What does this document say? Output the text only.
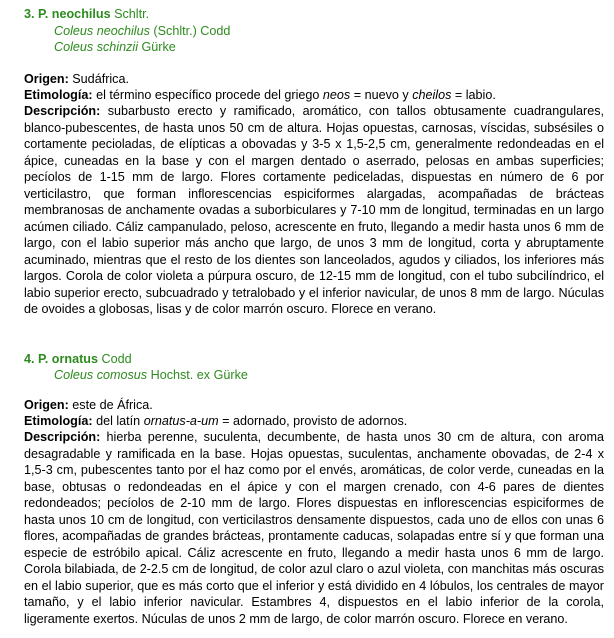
3. P. neochilus Schltr.
Coleus neochilus (Schltr.) Codd
Coleus schinzii Gürke
Origen: Sudáfrica.
Etimología: el término específico procede del griego neos = nuevo y cheilos = labio.
Descripción: subarbusto erecto y ramificado, aromático, con tallos obtusamente cuadrangulares, blanco-pubescentes, de hasta unos 50 cm de altura. Hojas opuestas, carnosas, víscidas, subsésiles o cortamente pecioladas, de elípticas a obovadas y 3-5 x 1,5-2,5 cm, generalmente redondeadas en el ápice, cuneadas en la base y con el margen dentado o aserrado, pelosas en ambas superficies; pecíolos de 1-15 mm de largo. Flores cortamente pediceladas, dispuestas en número de 6 por verticilastro, que forman inflorescencias espiciformes alargadas, acompañadas de brácteas membranosas de anchamente ovadas a suborbiculares y 7-10 mm de longitud, terminadas en un largo acúmen ciliado. Cáliz campanulado, peloso, acrescente en fruto, llegando a medir hasta unos 6 mm de largo, con el labio superior más ancho que largo, de unos 3 mm de longitud, corta y abruptamente acuminado, mientras que el resto de los dientes son lanceolados, agudos y ciliados, los inferiores más largos. Corola de color violeta a púrpura oscuro, de 12-15 mm de longitud, con el tubo subcilíndrico, el labio superior erecto, subcuadrado y tetralobado y el inferior navicular, de unos 8 mm de largo. Núculas de ovoides a globosas, lisas y de color marrón oscuro. Florece en verano.
4. P. ornatus Codd
Coleus comosus Hochst. ex Gürke
Origen: este de África.
Etimología: del latín ornatus-a-um = adornado, provisto de adornos.
Descripción: hierba perenne, suculenta, decumbente, de hasta unos 30 cm de altura, con aroma desagradable y ramificada en la base. Hojas opuestas, suculentas, anchamente obovadas, de 2-4 x 1,5-3 cm, pubescentes tanto por el haz como por el envés, aromáticas, de color verde, cuneadas en la base, obtusas o redondeadas en el ápice y con el margen crenado, con 4-6 pares de dientes redondeados; pecíolos de 2-10 mm de largo. Flores dispuestas en inflorescencias espiciformes de hasta unos 10 cm de longitud, con verticilastros densamente dispuestos, cada uno de ellos con unas 6 flores, acompañadas de grandes brácteas, prontamente caducas, solapadas entre sí y que forman una especie de estróbilo apical. Cáliz acrescente en fruto, llegando a medir hasta unos 6 mm de largo. Corola bilabiada, de 2-2.5 cm de longitud, de color azul claro o azul violeta, con manchitas más oscuras en el labio superior, que es más corto que el inferior y está dividido en 4 lóbulos, los centrales de mayor tamaño, y el labio inferior navicular. Estambres 4, dispuestos en el labio inferior de la corola, ligeramente exertos. Núculas de unos 2 mm de largo, de color marrón oscuro. Florece en verano.
